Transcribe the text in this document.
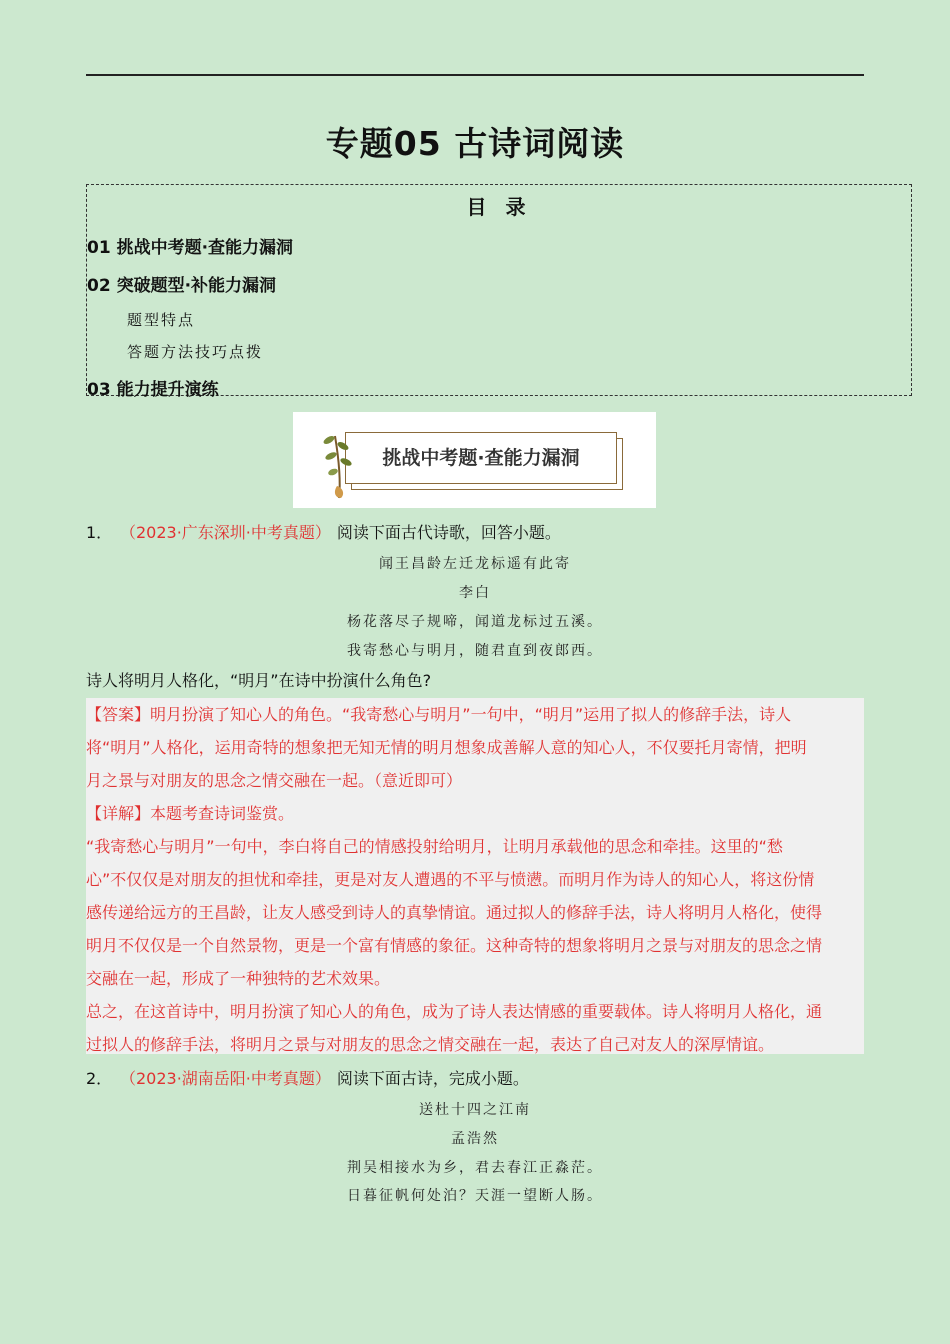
专题05 古诗词阅读
目 录
01 挑战中考题·查能力漏洞
02 突破题型·补能力漏洞
题型特点
答题方法技巧点拨
03 能力提升演练
挑战中考题·查能力漏洞
1． （2023·广东深圳·中考真题） 阅读下面古代诗歌，回答小题。
闻王昌龄左迁龙标遥有此寄
李白
杨花落尽子规啼，闻道龙标过五溪。
我寄愁心与明月，随君直到夜郎西。
诗人将明月人格化，“明月”在诗中扮演什么角色?
【答案】明月扮演了知心人的角色。“我寄愁心与明月”一句中，“明月”运用了拟人的修辞手法，诗人
将“明月”人格化，运用奇特的想象把无知无情的明月想象成善解人意的知心人，不仅要托月寄情，把明
月之景与对朋友的思念之情交融在一起。（意近即可）
【详解】本题考查诗词鉴赏。
“我寄愁心与明月”一句中，李白将自己的情感投射给明月，让明月承载他的思念和牵挂。这里的“愁
心”不仅仅是对朋友的担忧和牵挂，更是对友人遭遇的不平与愤懑。而明月作为诗人的知心人，将这份情
感传递给远方的王昌龄，让友人感受到诗人的真挚情谊。通过拟人的修辞手法，诗人将明月人格化，使得
明月不仅仅是一个自然景物，更是一个富有情感的象征。这种奇特的想象将明月之景与对朋友的思念之情
交融在一起，形成了一种独特的艺术效果。
总之，在这首诗中，明月扮演了知心人的角色，成为了诗人表达情感的重要载体。诗人将明月人格化，通
过拟人的修辞手法，将明月之景与对朋友的思念之情交融在一起，表达了自己对友人的深厚情谊。
2． （2023·湖南岳阳·中考真题） 阅读下面古诗，完成小题。
送杜十四之江南
孟浩然
荆吴相接水为乡，君去春江正淼茫。
日暮征帆何处泊？天涯一望断人肠。
